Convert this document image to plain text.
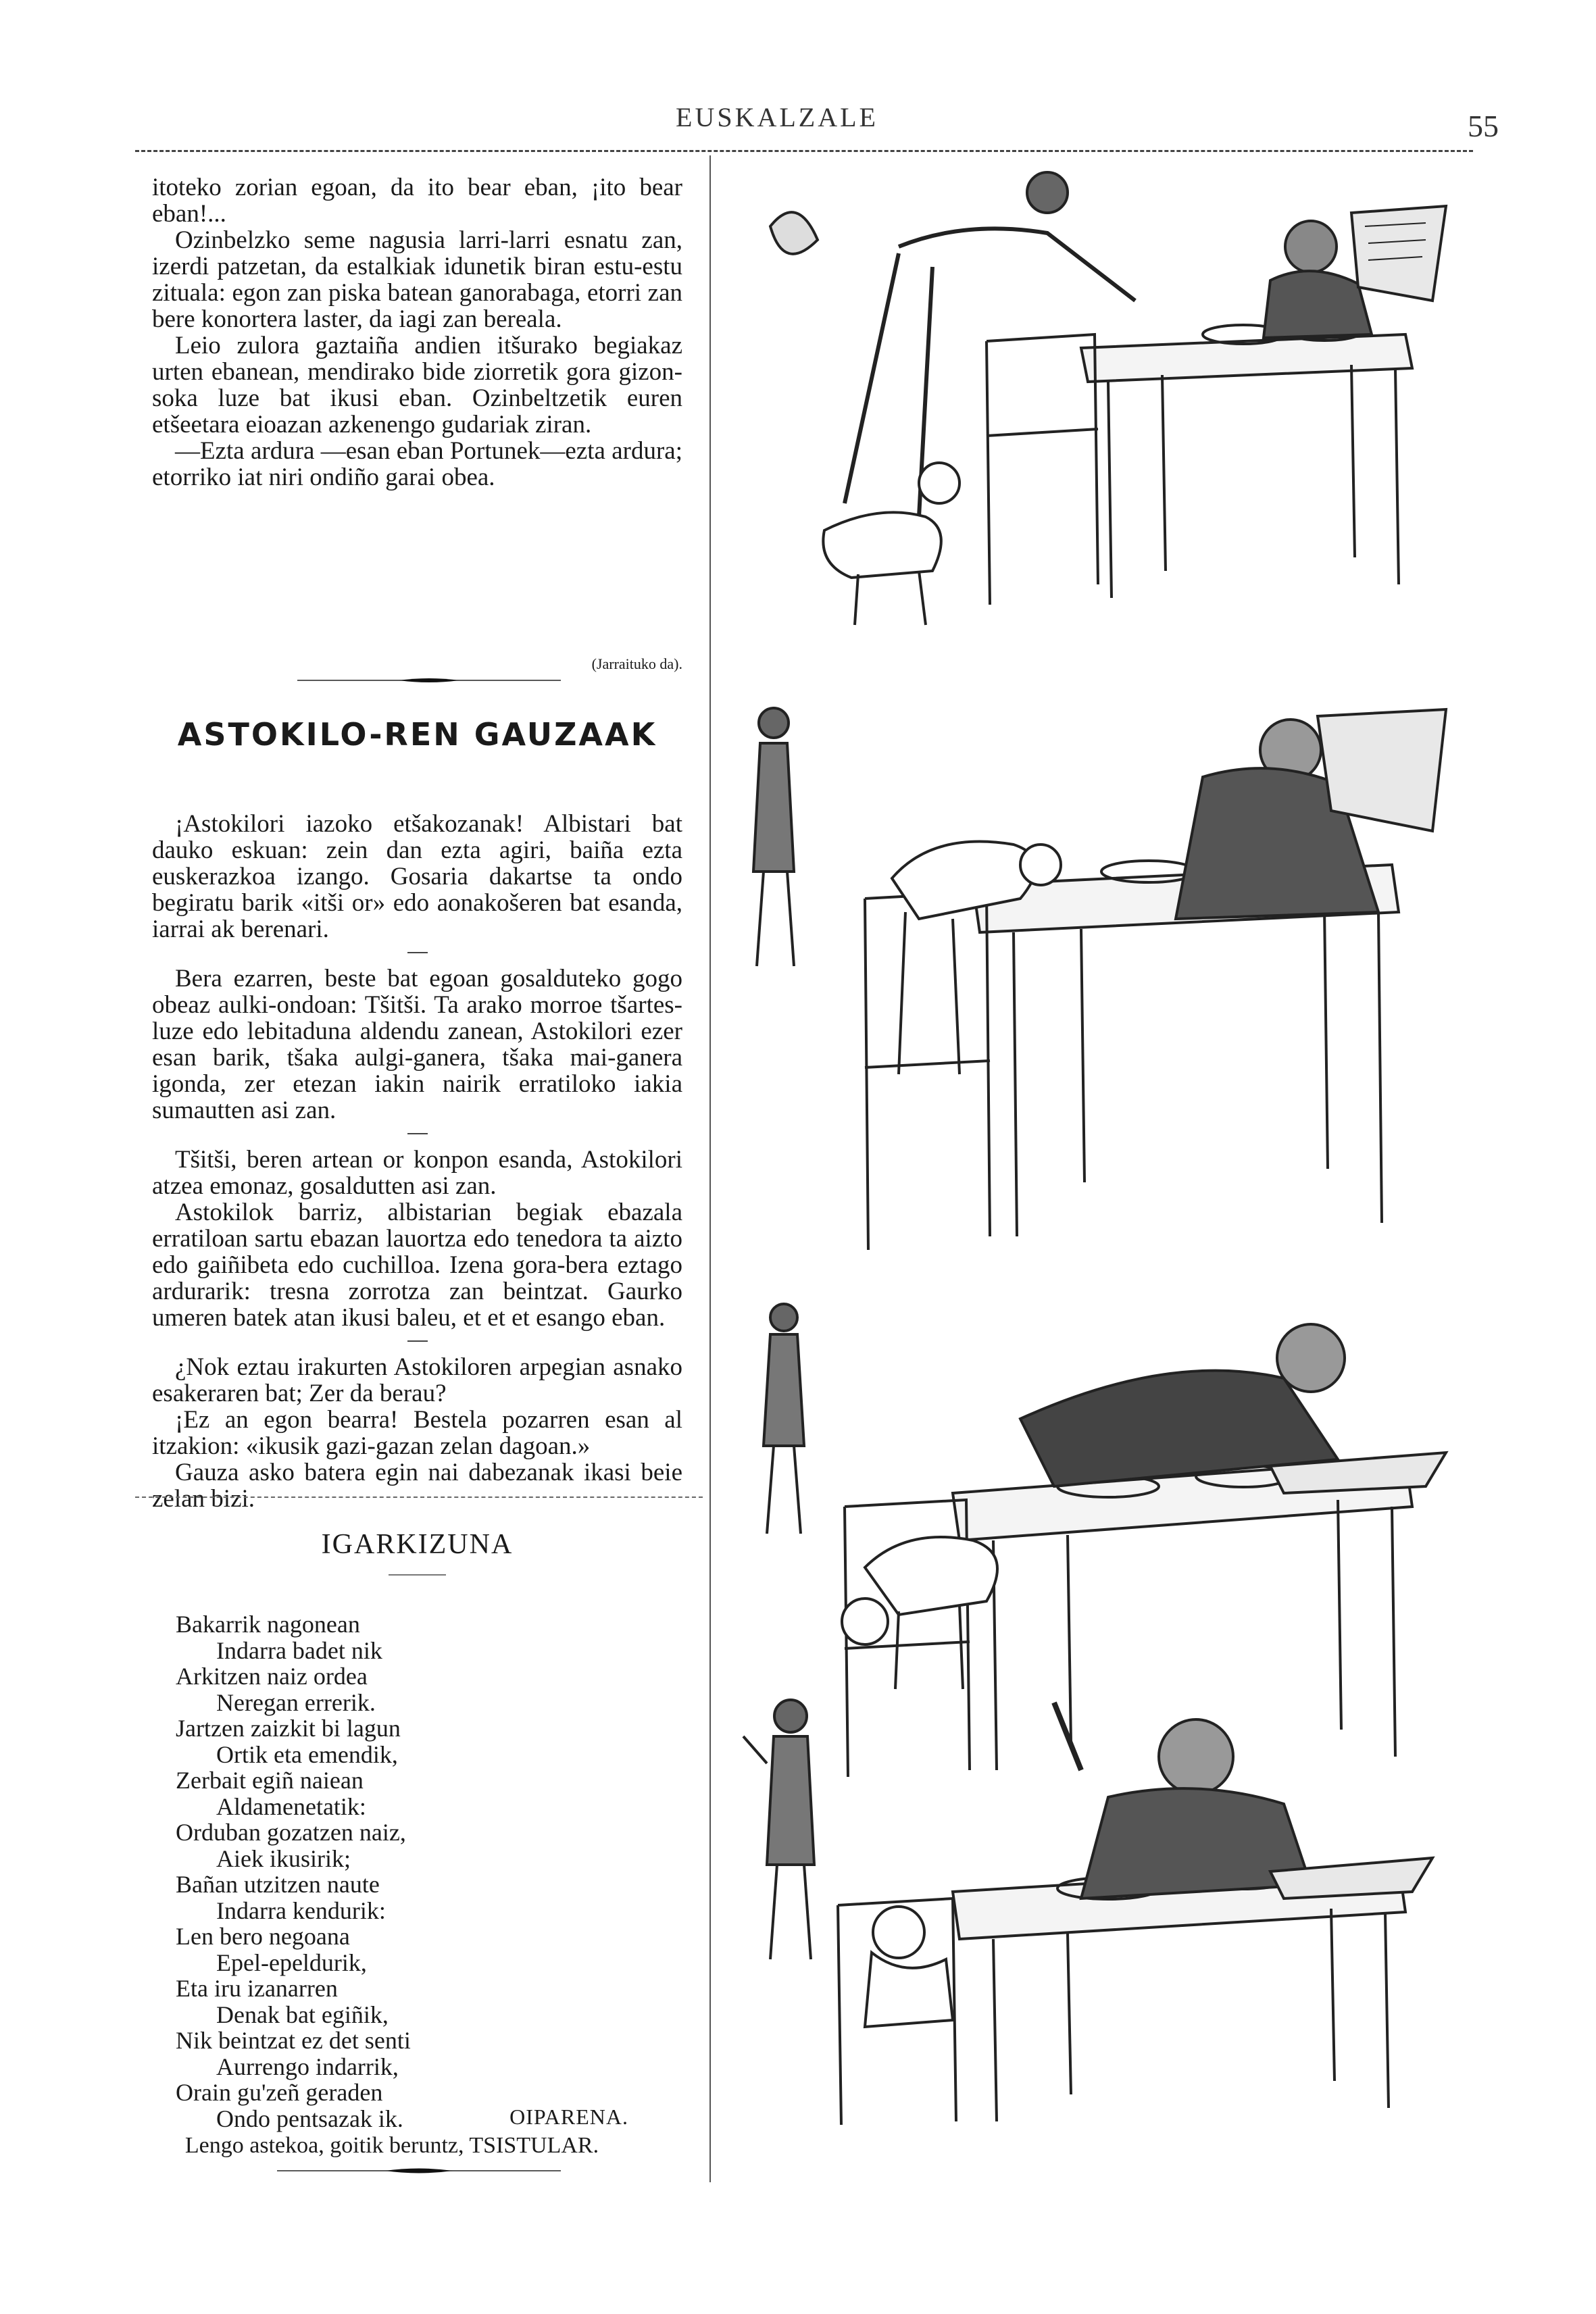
EUSKALZALE	55

itoteko zorian egoan, da ito bear eban, ¡ito bear eban!...

Ozinbelzko seme nagusia larri-larri esnatu zan, izerdi patzetan, da estalkiak idunetik biran estu-estu zituala: egon zan piska batean ganorabaga, etorri zan bere konortera laster, da iagi zan bereala.

Leio zulora gaztaiña andien itšurako begiakaz urten ebanean, mendirako bide ziorretik gora gizon-soka luze bat ikusi eban. Ozinbeltzetik euren etšeetara eioazan azkenengo gudariak ziran.

—Ezta ardura —esan eban Portunek—ezta ardura; etorriko iat niri ondiño garai obea.

(Jarraituko da).
ASTOKILO-REN GAUZAAK

¡Astokilori iazoko etšakozanak! Albistari bat dauko eskuan: zein dan ezta agiri, baiña ezta euskerazkoa izango. Gosaria dakartse ta ondo begiratu barik «itši or» edo aonakošeren bat esanda, iarrai ak berenari.

Bera ezarren, beste bat egoan gosalduteko gogo obeaz aulki-ondoan: Tšitši. Ta arako morroe tšartes-luze edo lebitaduna aldendu zanean, Astokilori ezer esan barik, tšaka aulgi-ganera, tšaka mai-ganera igonda, zer etezan iakin nairik erratiloko iakia sumautten asi zan.

Tšitši, beren artean or konpon esanda, Astokilori atzea emonaz, gosaldutten asi zan.

Astokilok barriz, albistarian begiak ebazala erratiloan sartu ebazan lauortza edo tenedora ta aizto edo gaiñibeta edo cuchilloa. Izena gora-bera eztago ardurarik: tresna zorrotza zan beintzat. Gaurko umeren batek atan ikusi baleu, et et et esango eban.

¿Nok eztau irakurten Astokiloren arpegian asnako esakeraren bat; Zer da berau?

¡Ez an egon bearra! Bestela pozarren esan al itzakion: «ikusik gazi-gazan zelan dagoan.»

Gauza asko batera egin nai dabezanak ikasi beie zelan bizi.

IGARKIZUNA
Bakarrik nagonean
Indarra badet nik
Arkitzen naiz ordea
Neregan errerik.
Jartzen zaizkit bi lagun
Ortik eta emendik,
Zerbait egiñ naiean
Aldamenetatik:
Orduban gozatzen naiz,
Aiek ikusirik;
Bañan utzitzen naute
Indarra kendurik:
Len bero negoana
Epel-epeldurik,
Eta iru izanarren
Denak bat egiñik,
Nik beintzat ez det senti
Aurrengo indarrik,
Orain gu'zeñ geraden
Ondo pentsazak ik.	OIPARENA.
Lengo astekoa, goitik beruntz, TSISTULAR.
